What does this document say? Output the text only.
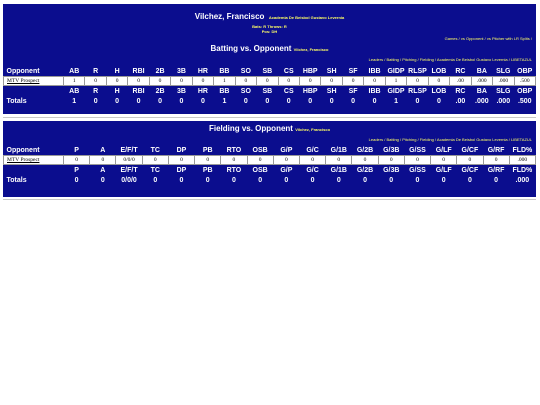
Vilchez, Francisco Academia De Beisbol Gustavo Levernia
Bats: R Throws: R
Pos: DH
Games / vs Opponent / vs Pitcher with LR Splits /
Batting vs. Opponent Vilchez, Francisco
Leaders / Batting / Pitching / Fielding / Academia De Beisbol Gustavo Levernia / LIBETAZUL
Opponent	AB	R	H	RBI	2B	3B	HR	BB	SO	SB	CS	HBP	SH	SF	IBB	GIDP	RLSP	LOB	RC	BA	SLG	OBP
MTV Prospect	1	0	0	0	0	0	0	1	0	0	0	0	0	0	0	1	0	0	.00	.000	.000	.500
	AB	R	H	RBI	2B	3B	HR	BB	SO	SB	CS	HBP	SH	SF	IBB	GIDP	RLSP	LOB	RC	BA	SLG	OBP
Totals	1	0	0	0	0	0	0	1	0	0	0	0	0	0	0	1	0	0	.00	.000	.000	.500
Fielding vs. Opponent Vilchez, Francisco
Leaders / Batting / Pitching / Fielding / Academia De Beisbol Gustavo Levernia / LIBETAZUL
Opponent	P	A	E/F/T	TC	DP	PB	RTO	OSB	G/P	G/C	G/1B	G/2B	G/3B	G/SS	G/LF	G/CF	G/RF	FLD%
MTV Prospect	0	0	0/0/0	0	0	0	0	0	0	0	0	0	0	0	0	0	0	.000
	P	A	E/F/T	TC	DP	PB	RTO	OSB	G/P	G/C	G/1B	G/2B	G/3B	G/SS	G/LF	G/CF	G/RF	FLD%
Totals	0	0	0/0/0	0	0	0	0	0	0	0	0	0	0	0	0	0	0	.000
